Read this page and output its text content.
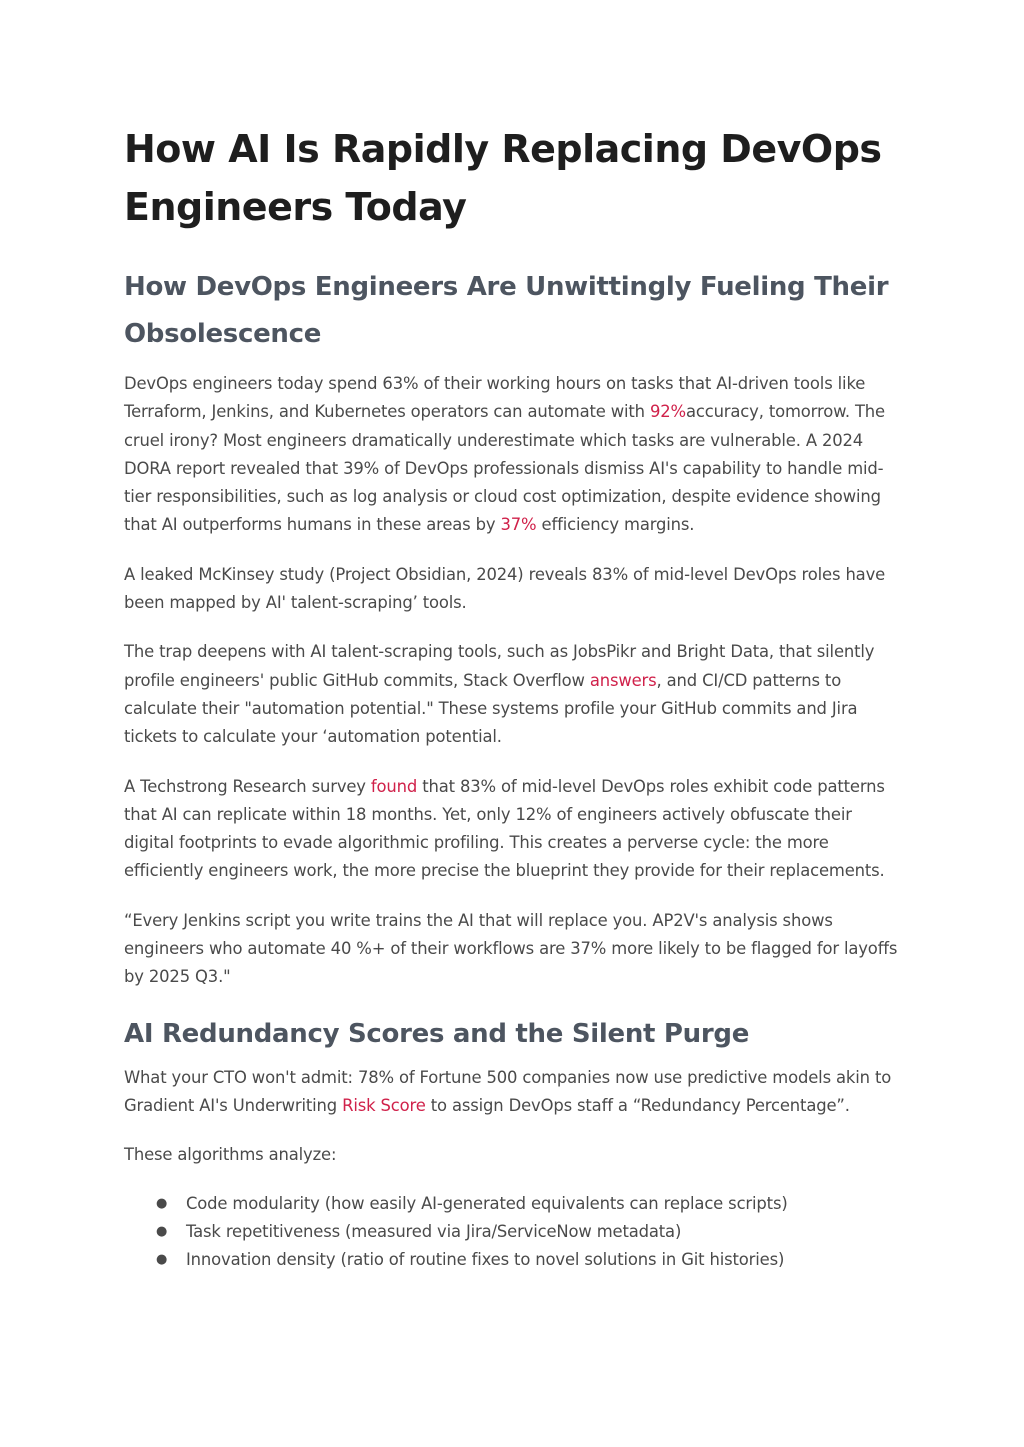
How AI Is Rapidly Replacing DevOps Engineers Today
How DevOps Engineers Are Unwittingly Fueling Their Obsolescence

DevOps engineers today spend 63% of their working hours on tasks that AI-driven tools like Terraform, Jenkins, and Kubernetes operators can automate with 92%accuracy, tomorrow. The cruel irony? Most engineers dramatically underestimate which tasks are vulnerable. A 2024 DORA report revealed that 39% of DevOps professionals dismiss AI's capability to handle mid-tier responsibilities, such as log analysis or cloud cost optimization, despite evidence showing that AI outperforms humans in these areas by 37% efficiency margins.

A leaked McKinsey study (Project Obsidian, 2024) reveals 83% of mid-level DevOps roles have been mapped by AI' talent-scraping’ tools.

The trap deepens with AI talent-scraping tools, such as JobsPikr and Bright Data, that silently profile engineers' public GitHub commits, Stack Overflow answers, and CI/CD patterns to calculate their "automation potential." These systems profile your GitHub commits and Jira tickets to calculate your ‘automation potential.

A Techstrong Research survey found that 83% of mid-level DevOps roles exhibit code patterns that AI can replicate within 18 months. Yet, only 12% of engineers actively obfuscate their digital footprints to evade algorithmic profiling. This creates a perverse cycle: the more efficiently engineers work, the more precise the blueprint they provide for their replacements.

“Every Jenkins script you write trains the AI that will replace you. AP2V's analysis shows engineers who automate 40 %+ of their workflows are 37% more likely to be flagged for layoffs by 2025 Q3."

AI Redundancy Scores and the Silent Purge

What your CTO won't admit: 78% of Fortune 500 companies now use predictive models akin to Gradient AI's Underwriting Risk Score to assign DevOps staff a “Redundancy Percentage”.

These algorithms analyze:

● Code modularity (how easily AI-generated equivalents can replace scripts)
● Task repetitiveness (measured via Jira/ServiceNow metadata)
● Innovation density (ratio of routine fixes to novel solutions in Git histories)
